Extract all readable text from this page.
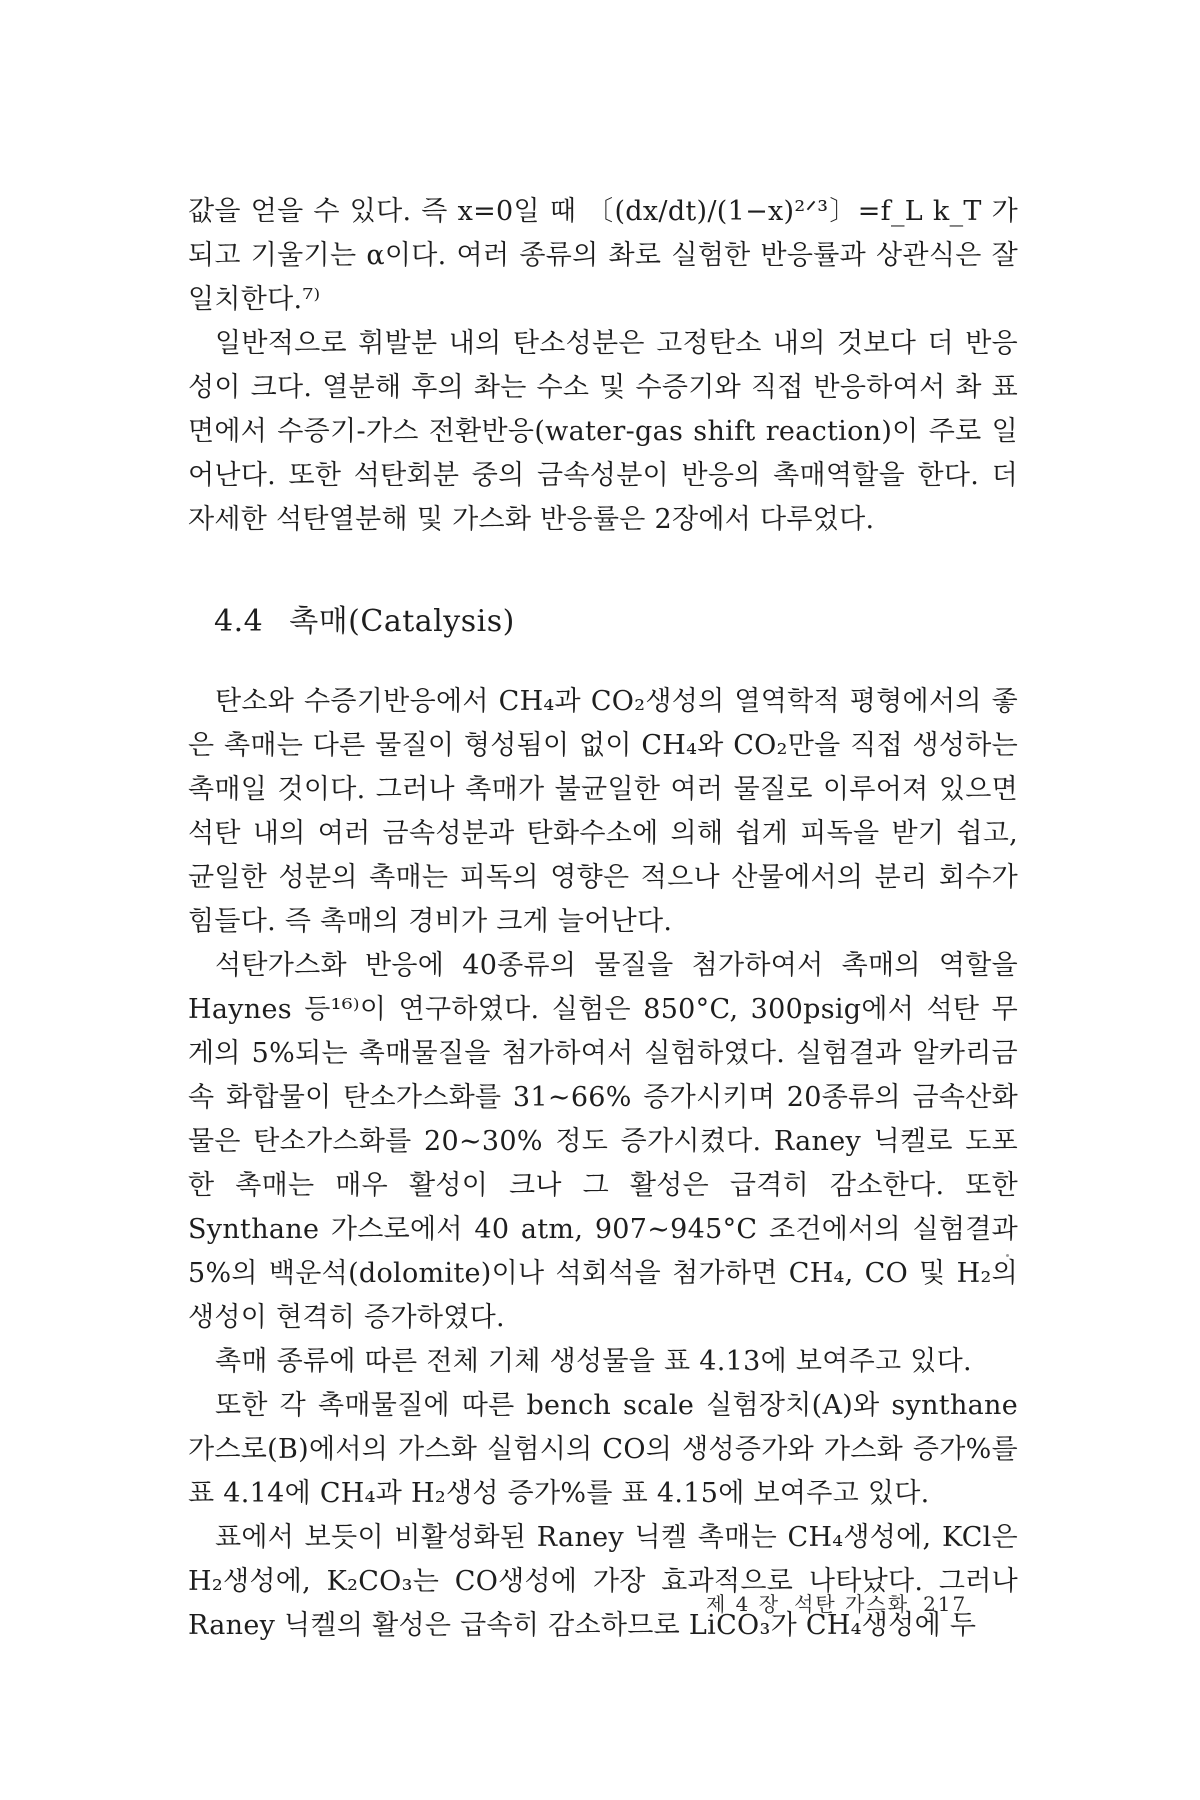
값을 얻을 수 있다. 즉 x=0일 때 〔(dx/dt)/(1−x)²ᐟ³〕=f_L k_T 가 되고 기울기는 α이다. 여러 종류의 촤로 실험한 반응률과 상관식은 잘 일치한다.⁷⁾

일반적으로 휘발분 내의 탄소성분은 고정탄소 내의 것보다 더 반응성이 크다. 열분해 후의 촤는 수소 및 수증기와 직접 반응하여서 촤 표면에서 수증기-가스 전환반응(water-gas shift reaction)이 주로 일어난다. 또한 석탄회분 중의 금속성분이 반응의 촉매역할을 한다. 더 자세한 석탄열분해 및 가스화 반응률은 2장에서 다루었다.

4.4 촉매(Catalysis)

탄소와 수증기반응에서 CH₄과 CO₂생성의 열역학적 평형에서의 좋은 촉매는 다른 물질이 형성됨이 없이 CH₄와 CO₂만을 직접 생성하는 촉매일 것이다. 그러나 촉매가 불균일한 여러 물질로 이루어져 있으면 석탄 내의 여러 금속성분과 탄화수소에 의해 쉽게 피독을 받기 쉽고, 균일한 성분의 촉매는 피독의 영향은 적으나 산물에서의 분리 회수가 힘들다. 즉 촉매의 경비가 크게 늘어난다.

석탄가스화 반응에 40종류의 물질을 첨가하여서 촉매의 역할을 Haynes 등¹⁶⁾이 연구하였다. 실험은 850°C, 300psig에서 석탄 무게의 5%되는 촉매물질을 첨가하여서 실험하였다. 실험결과 알카리금속 화합물이 탄소가스화를 31∼66% 증가시키며 20종류의 금속산화물은 탄소가스화를 20∼30% 정도 증가시켰다. Raney 닉켈로 도포한 촉매는 매우 활성이 크나 그 활성은 급격히 감소한다. 또한 Synthane 가스로에서 40 atm, 907∼945°C 조건에서의 실험결과 5%의 백운석(dolomite)이나 석회석을 첨가하면 CH₄, CO 및 H₂의 생성이 현격히 증가하였다.

촉매 종류에 따른 전체 기체 생성물을 표 4.13에 보여주고 있다.

또한 각 촉매물질에 따른 bench scale 실험장치(A)와 synthane 가스로(B)에서의 가스화 실험시의 CO의 생성증가와 가스화 증가%를 표 4.14에 CH₄과 H₂생성 증가%를 표 4.15에 보여주고 있다.

표에서 보듯이 비활성화된 Raney 닉켈 촉매는 CH₄생성에, KCl은 H₂생성에, K₂CO₃는 CO생성에 가장 효과적으로 나타났다. 그러나 Raney 닉켈의 활성은 급속히 감소하므로 LiCO₃가 CH₄생성에 두

제 4 장 석탄 가스화 217
